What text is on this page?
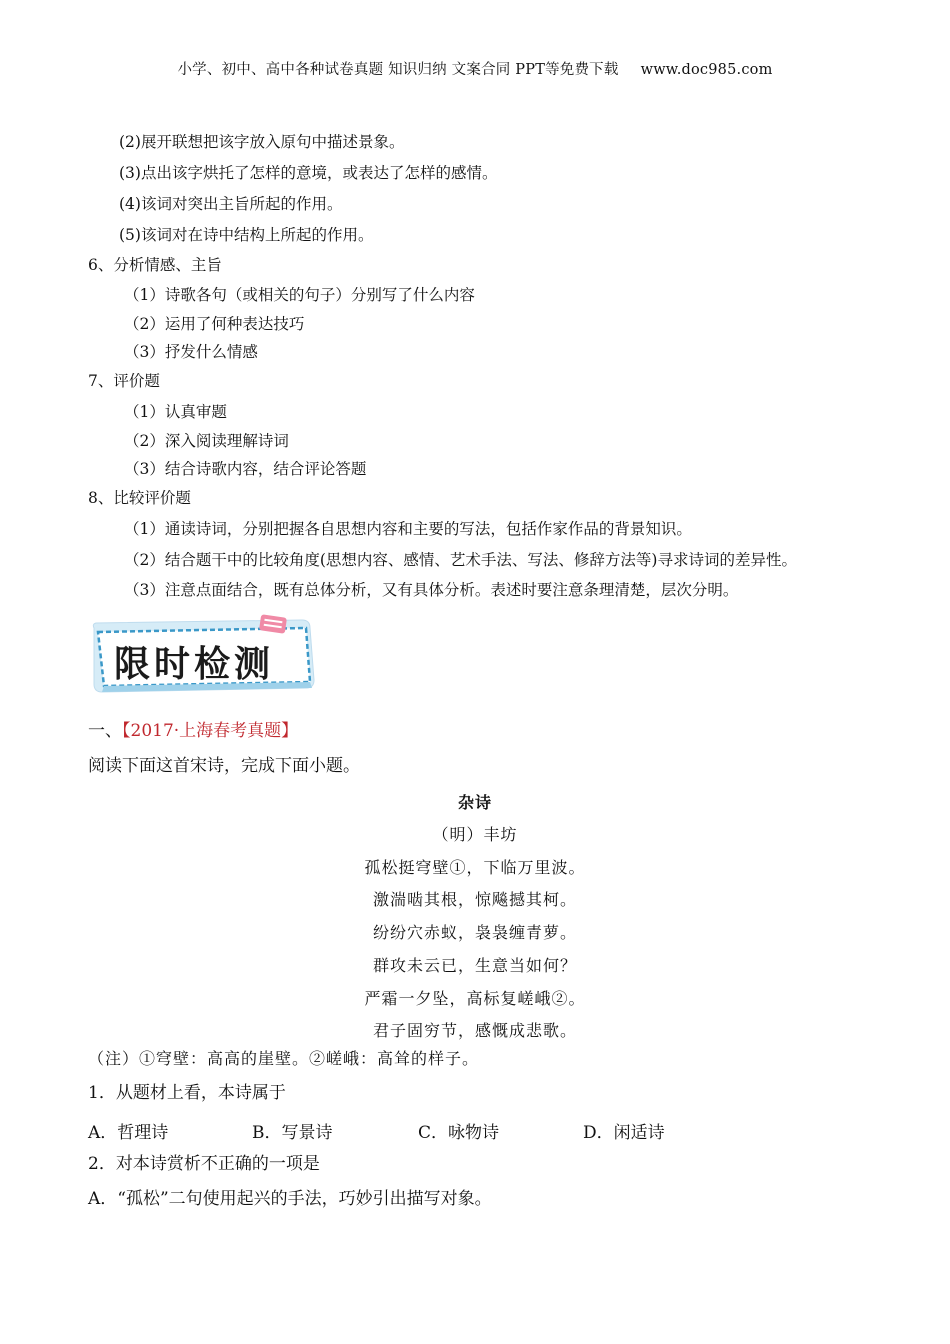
小学、初中、高中各种试卷真题 知识归纳 文案合同 PPT等免费下载 www.doc985.com
(2)展开联想把该字放入原句中描述景象。
(3)点出该字烘托了怎样的意境，或表达了怎样的感情。
(4)该词对突出主旨所起的作用。
(5)该词对在诗中结构上所起的作用。
6、分析情感、主旨
（1）诗歌各句（或相关的句子）分别写了什么内容
（2）运用了何种表达技巧
（3）抒发什么情感
7、评价题
（1）认真审题
（2）深入阅读理解诗词
（3）结合诗歌内容，结合评论答题
8、比较评价题
（1）通读诗词，分别把握各自思想内容和主要的写法，包括作家作品的背景知识。
（2）结合题干中的比较角度(思想内容、感情、艺术手法、写法、修辞方法等)寻求诗词的差异性。
（3）注意点面结合，既有总体分析，又有具体分析。表述时要注意条理清楚，层次分明。
限时检测
一、【2017·上海春考真题】
阅读下面这首宋诗，完成下面小题。
杂诗
（明）丰坊
孤松挺穹壁①，下临万里波。
激湍啮其根，惊飚撼其柯。
纷纷穴赤蚁，袅袅缠青萝。
群攻未云已，生意当如何？
严霜一夕坠，高标复嵯峨②。
君子固穷节，感慨成悲歌。
（注）①穹壁：高高的崖壁。②嵯峨：高耸的样子。
1．从题材上看，本诗属于
A．哲理诗	B．写景诗	C．咏物诗	D．闲适诗
2．对本诗赏析不正确的一项是
A．“孤松”二句使用起兴的手法，巧妙引出描写对象。
